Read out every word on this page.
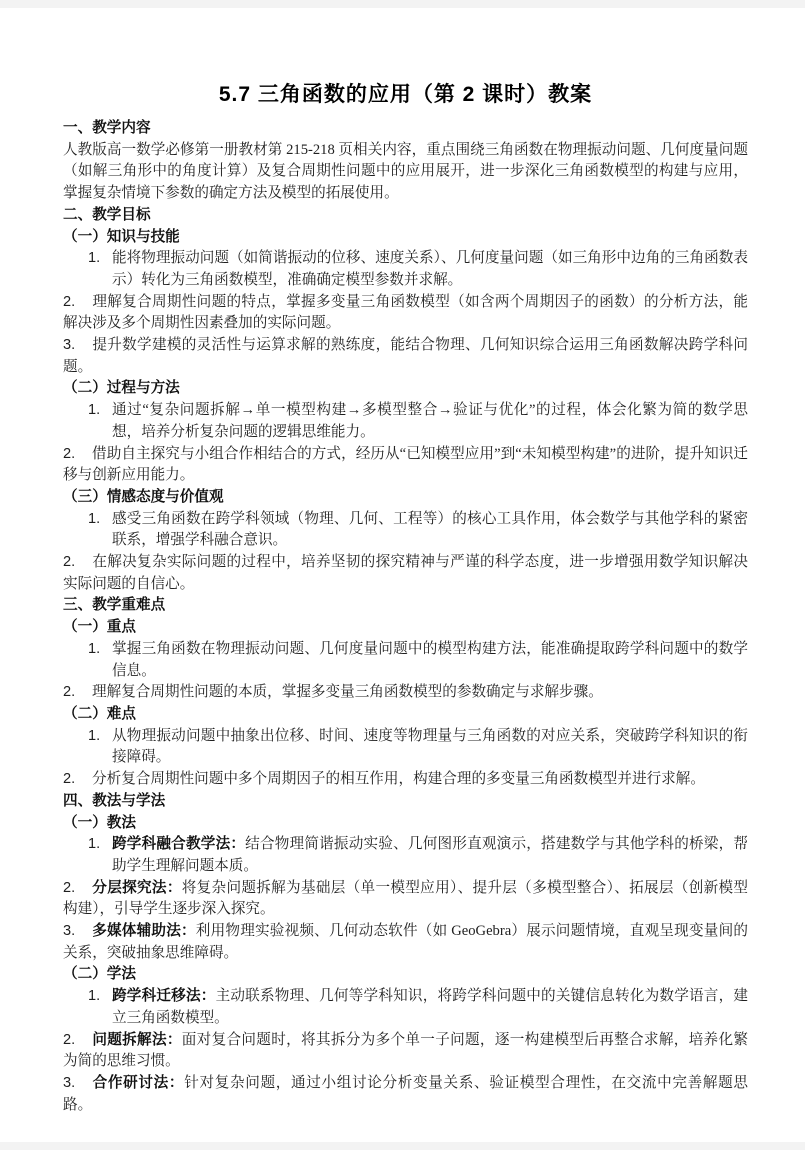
5.7 三角函数的应用（第 2 课时）教案
一、教学内容
人教版高一数学必修第一册教材第 215-218 页相关内容，重点围绕三角函数在物理振动问题、几何度量问题（如解三角形中的角度计算）及复合周期性问题中的应用展开，进一步深化三角函数模型的构建与应用，掌握复杂情境下参数的确定方法及模型的拓展使用。
二、教学目标
（一）知识与技能
1. 能将物理振动问题（如简谐振动的位移、速度关系）、几何度量问题（如三角形中边角的三角函数表示）转化为三角函数模型，准确确定模型参数并求解。
2. 理解复合周期性问题的特点，掌握多变量三角函数模型（如含两个周期因子的函数）的分析方法，能解决涉及多个周期性因素叠加的实际问题。
3. 提升数学建模的灵活性与运算求解的熟练度，能结合物理、几何知识综合运用三角函数解决跨学科问题。
（二）过程与方法
1. 通过“复杂问题拆解→单一模型构建→多模型整合→验证与优化”的过程，体会化繁为简的数学思想，培养分析复杂问题的逻辑思维能力。
2. 借助自主探究与小组合作相结合的方式，经历从“已知模型应用”到“未知模型构建”的进阶，提升知识迁移与创新应用能力。
（三）情感态度与价值观
1. 感受三角函数在跨学科领域（物理、几何、工程等）的核心工具作用，体会数学与其他学科的紧密联系，增强学科融合意识。
2. 在解决复杂实际问题的过程中，培养坚韧的探究精神与严谨的科学态度，进一步增强用数学知识解决实际问题的自信心。
三、教学重难点
（一）重点
1. 掌握三角函数在物理振动问题、几何度量问题中的模型构建方法，能准确提取跨学科问题中的数学信息。
2. 理解复合周期性问题的本质，掌握多变量三角函数模型的参数确定与求解步骤。
（二）难点
1. 从物理振动问题中抽象出位移、时间、速度等物理量与三角函数的对应关系，突破跨学科知识的衔接障碍。
2. 分析复合周期性问题中多个周期因子的相互作用，构建合理的多变量三角函数模型并进行求解。
四、教法与学法
（一）教法
1. 跨学科融合教学法：结合物理简谐振动实验、几何图形直观演示，搭建数学与其他学科的桥梁，帮助学生理解问题本质。
2. 分层探究法：将复杂问题拆解为基础层（单一模型应用）、提升层（多模型整合）、拓展层（创新模型构建），引导学生逐步深入探究。
3. 多媒体辅助法：利用物理实验视频、几何动态软件（如 GeoGebra）展示问题情境，直观呈现变量间的关系，突破抽象思维障碍。
（二）学法
1. 跨学科迁移法：主动联系物理、几何等学科知识，将跨学科问题中的关键信息转化为数学语言，建立三角函数模型。
2. 问题拆解法：面对复合问题时，将其拆分为多个单一子问题，逐一构建模型后再整合求解，培养化繁为简的思维习惯。
3. 合作研讨法：针对复杂问题，通过小组讨论分析变量关系、验证模型合理性，在交流中完善解题思路。
